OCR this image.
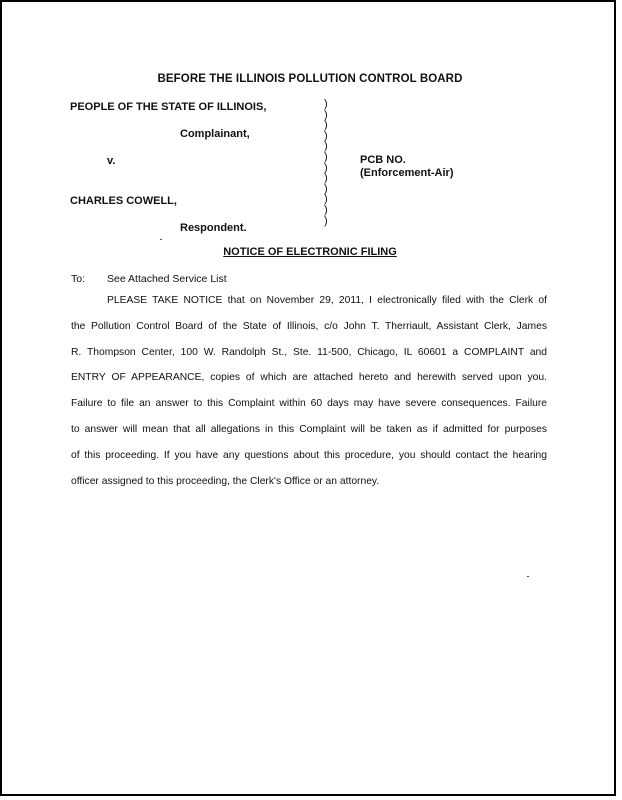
BEFORE THE ILLINOIS POLLUTION CONTROL BOARD
PEOPLE OF THE STATE OF ILLINOIS,
Complainant,
v.
CHARLES COWELL,
Respondent.
)
)
)
)
)
)
)
)
)
)
)
)
PCB NO.
(Enforcement-Air)
NOTICE OF ELECTRONIC FILING
To: See Attached Service List
PLEASE TAKE NOTICE that on November 29, 2011, I electronically filed with the Clerk of
the Pollution Control Board of the State of Illinois, c/o John T. Therriault, Assistant Clerk, James
R. Thompson Center, 100 W. Randolph St., Ste. 11-500, Chicago, IL 60601 a COMPLAINT and
ENTRY OF APPEARANCE, copies of which are attached hereto and herewith served upon you.
Failure to file an answer to this Complaint within 60 days may have severe consequences. Failure
to answer will mean that all allegations in this Complaint will be taken as if admitted for purposes
of this proceeding. If you have any questions about this procedure, you should contact the hearing
officer assigned to this proceeding, the Clerk's Office or an attorney.
